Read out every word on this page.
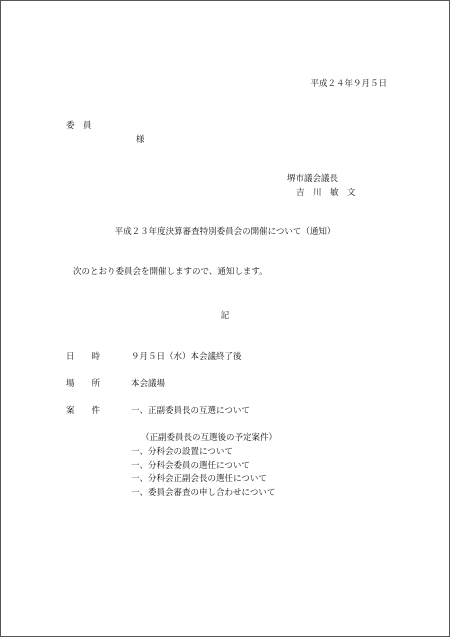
平成２４年９月５日
委　員
様
堺市議会議長
吉　川　敏　文
平成２３年度決算審査特別委員会の開催について（通知）
次のとおり委員会を開催しますので、通知します。
記
日　　時	９月５日（水）本会議終了後
場　　所	本会議場
案　　件	一、正副委員長の互選について
（正副委員長の互選後の予定案件）
一、分科会の設置について
一、分科会委員の選任について
一、分科会正副会長の選任について
一、委員会審査の申し合わせについて
